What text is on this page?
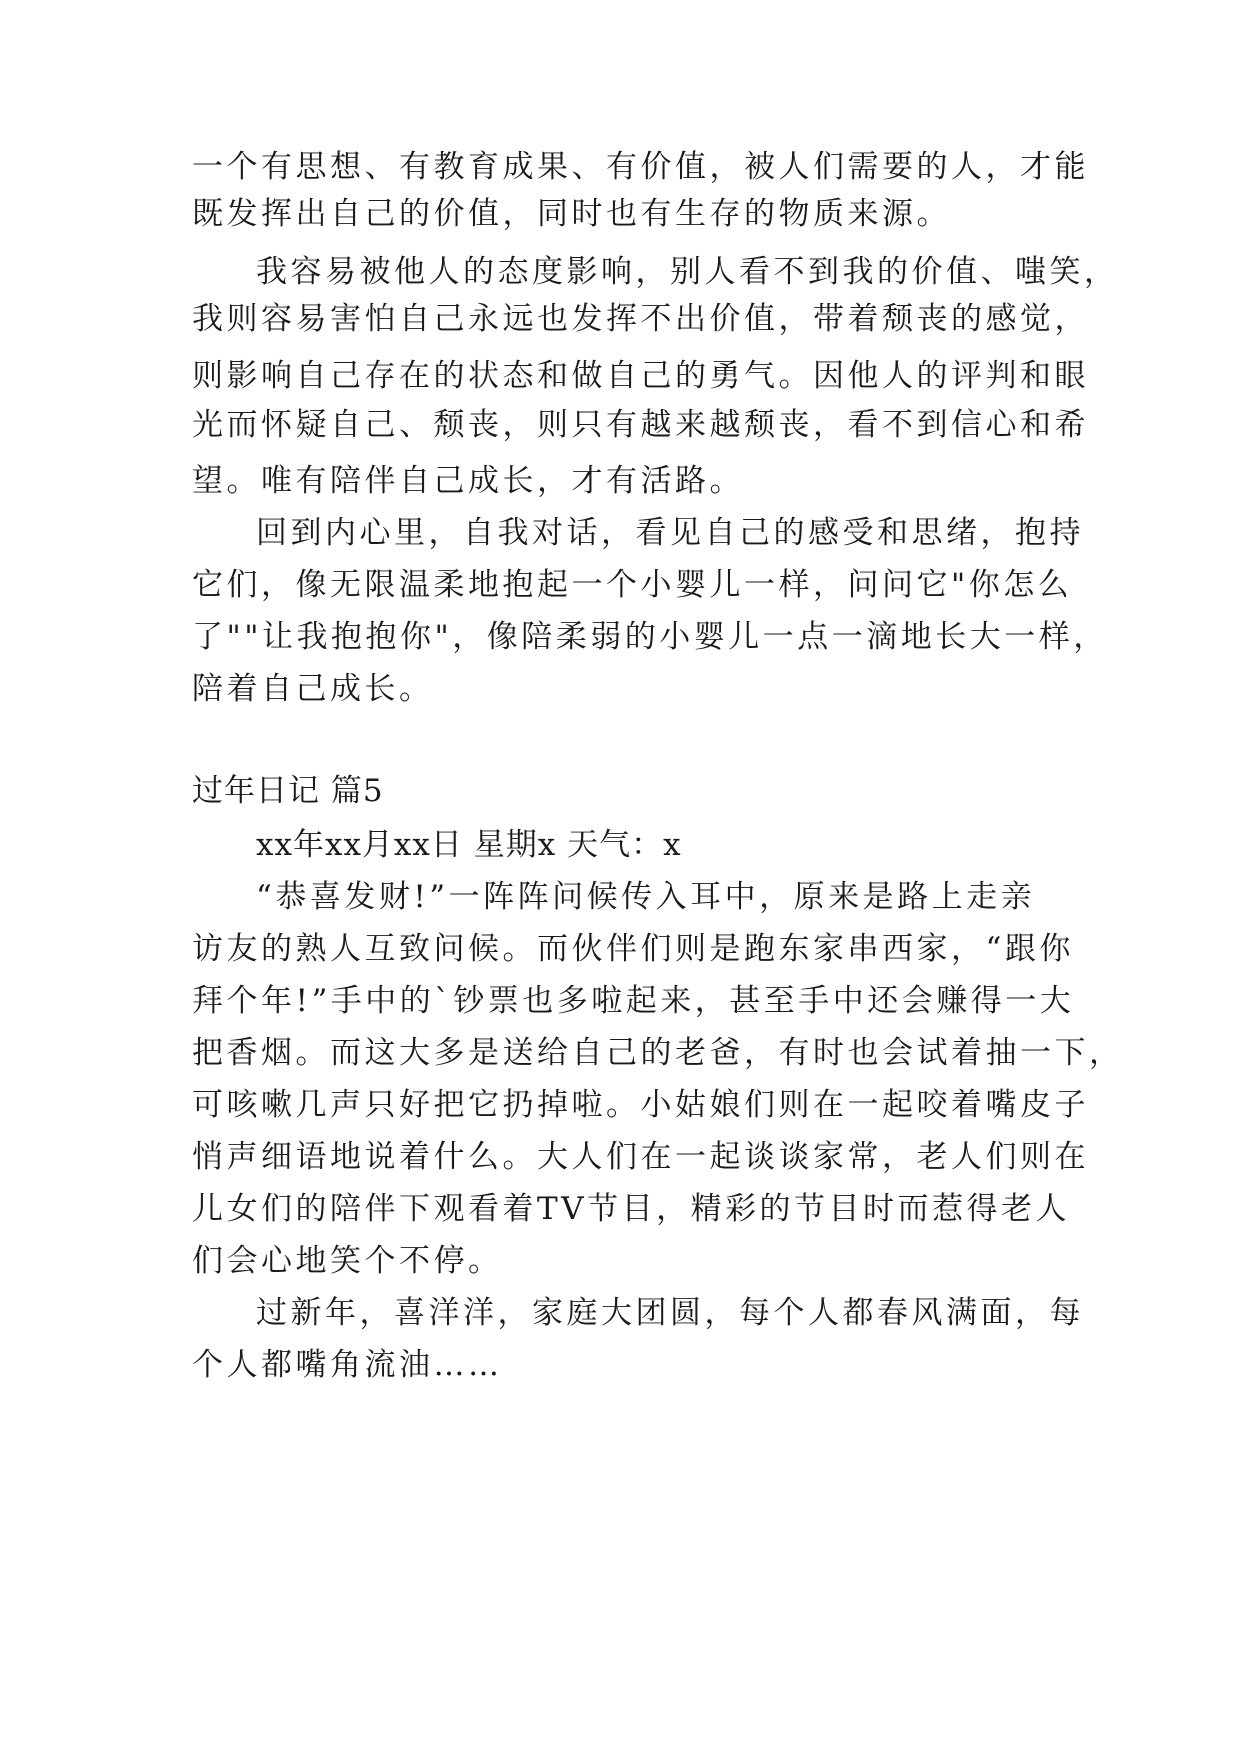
一个有思想、有教育成果、有价值，被人们需要的人，才能
既发挥出自己的价值，同时也有生存的物质来源。
我容易被他人的态度影响，别人看不到我的价值、嗤笑，
我则容易害怕自己永远也发挥不出价值，带着颓丧的感觉，
则影响自己存在的状态和做自己的勇气。因他人的评判和眼
光而怀疑自己、颓丧，则只有越来越颓丧，看不到信心和希
望。唯有陪伴自己成长，才有活路。
回到内心里，自我对话，看见自己的感受和思绪，抱持
它们，像无限温柔地抱起一个小婴儿一样，问问它"你怎么
了""让我抱抱你"，像陪柔弱的小婴儿一点一滴地长大一样，
陪着自己成长。
过年日记 篇5
xx年xx月xx日 星期x 天气：x
“恭喜发财!”一阵阵问候传入耳中，原来是路上走亲
访友的熟人互致问候。而伙伴们则是跑东家串西家，“跟你
拜个年!”手中的`钞票也多啦起来，甚至手中还会赚得一大
把香烟。而这大多是送给自己的老爸，有时也会试着抽一下，
可咳嗽几声只好把它扔掉啦。小姑娘们则在一起咬着嘴皮子
悄声细语地说着什么。大人们在一起谈谈家常，老人们则在
儿女们的陪伴下观看着TV节目，精彩的节目时而惹得老人
们会心地笑个不停。
过新年，喜洋洋，家庭大团圆，每个人都春风满面，每
个人都嘴角流油……
